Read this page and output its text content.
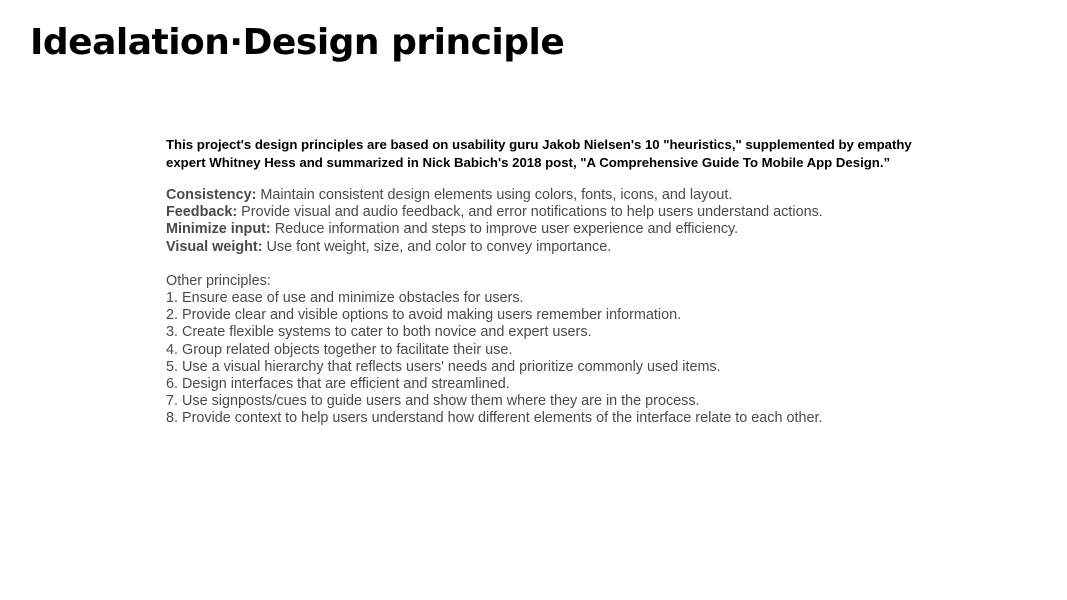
Idealation·Design principle

This project's design principles are based on usability guru Jakob Nielsen's 10 "heuristics," supplemented by empathy expert Whitney Hess and summarized in Nick Babich's 2018 post, "A Comprehensive Guide To Mobile App Design.”

Consistency: Maintain consistent design elements using colors, fonts, icons, and layout.
Feedback: Provide visual and audio feedback, and error notifications to help users understand actions.
Minimize input: Reduce information and steps to improve user experience and efficiency.
Visual weight: Use font weight, size, and color to convey importance.

Other principles:

1. Ensure ease of use and minimize obstacles for users.
2. Provide clear and visible options to avoid making users remember information.
3. Create flexible systems to cater to both novice and expert users.
4. Group related objects together to facilitate their use.
5. Use a visual hierarchy that reflects users' needs and prioritize commonly used items.
6. Design interfaces that are efficient and streamlined.
7. Use signposts/cues to guide users and show them where they are in the process.
8. Provide context to help users understand how different elements of the interface relate to each other.
